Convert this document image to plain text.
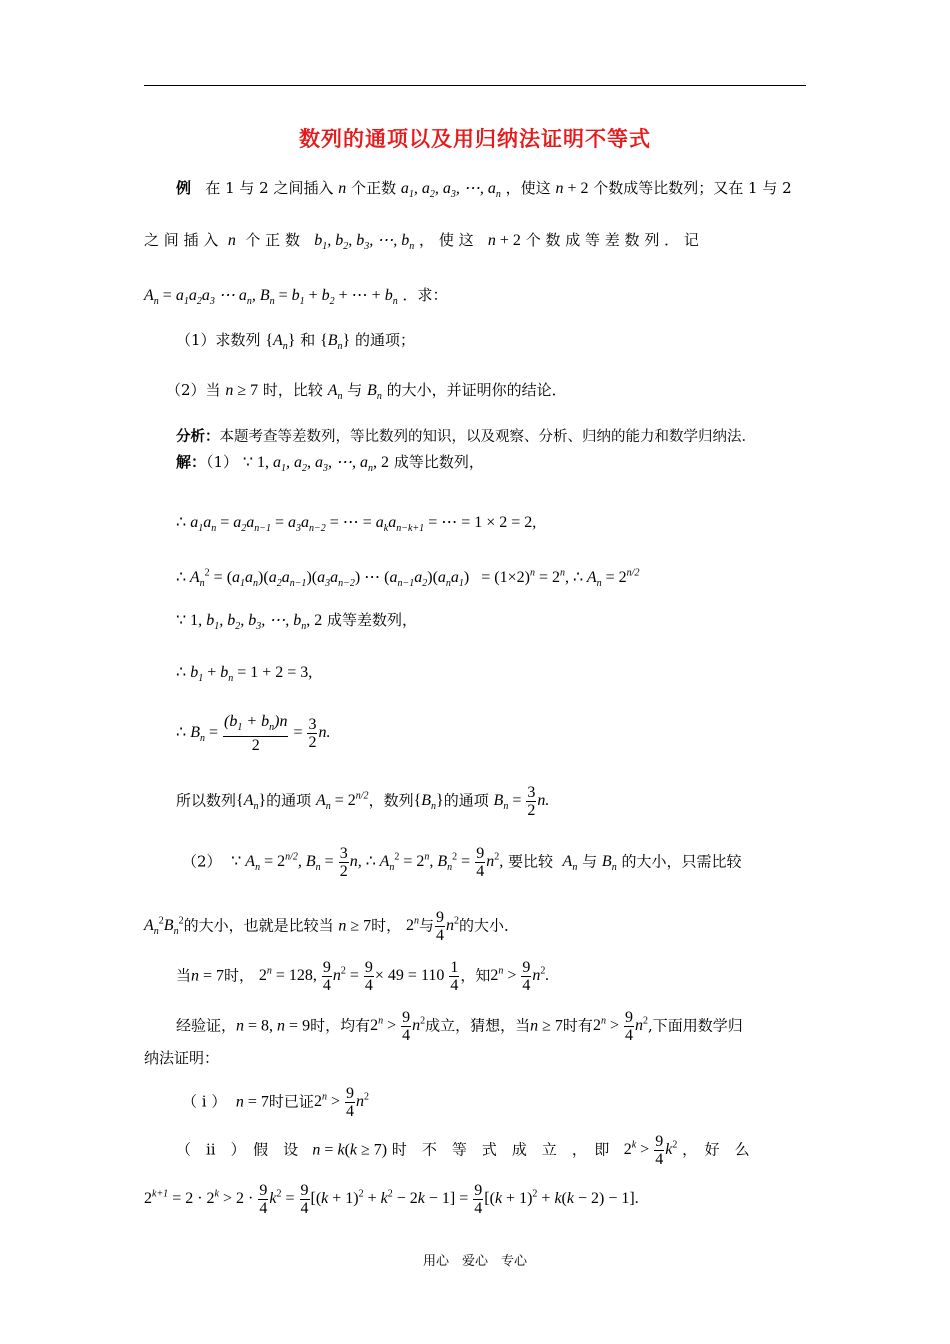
数列的通项以及用归纳法证明不等式
例 在 1 与 2 之间插入 n 个正数 $a_1$, $a_2$, $a_3$, ⋯, $a_n$ ，使这 n + 2 个数成等比数列；又在 1 与 2
之 间 插 入 n 个 正 数 $b_1$, $b_2$, $b_3$, ⋯, $b_n$ ， 使 这 n + 2 个 数 成 等 差 数 列 ． 记
$A_n = a_1a_2a_3$ ⋯ $a_n$, $B_n = b_1 + b_2$ + ⋯ + $b_n$ ．求：
（1）求数列 $\{A_n\}$ 和 $\{B_n\}$ 的通项；
（2）当 n ≥ 7 时，比较 $A_n$ 与 $B_n$ 的大小，并证明你的结论．
分析：本题考查等差数列，等比数列的知识，以及观察、分析、归纳的能力和数学归纳法．
解：（1） ∵ 1, $a_1$, $a_2$, $a_3$, ⋯, $a_n$, 2 成等比数列，
∴ $a_1a_n = a_2a_{n-1} = a_3a_{n-2}$ = ⋯ = $a_ka_{n-k+1}$ = ⋯ = 1 × 2 = 2,
∴ $A_n^2 = (a_1a_n)(a_2a_{n-1})(a_3a_{n-2})$ ⋯ $(a_{n-1}a_2)(a_na_1) = (1\times 2)^n = 2^n$, ∴ $A_n = 2^{n/2}$
∵ 1, $b_1$, $b_2$, $b_3$, ⋯, $b_n$, 2 成等差数列，
∴ $b_1 + b_n = 1 + 2 = 3$,
∴ $B_n = \frac{(b_1 + b_n)n}{2} = \frac{3}{2} n$.
所以数列$\{A_n\}$的通项 $A_n = 2^{n/2}$，数列$\{B_n\}$的通项 $B_n = \frac{3}{2} n$.
（2） ∵ $A_n = 2^{n/2}$, $B_n = \frac{3}{2} n$, ∴ $A_n^2 = 2^n$, $B_n^2 = \frac{9}{4} n^2$, 要比较 $A_n$ 与 $B_n$ 的大小，只需比较
$A_n^2B_n^2$的大小，也就是比较当 n ≥ 7时， 2$^n$与 $\frac{9}{4} n^2$的大小．
当n = 7时， $2^n = 128$, $\frac{9}{4} n^2 = \frac{9}{4} \times 49 = 110 \frac{1}{4}$ ，知$2^n > \frac{9}{4} n^2$.
经验证，n = 8, n = 9时，均有$2^n > \frac{9}{4} n^2$成立，猜想，当n ≥ 7时有$2^n > \frac{9}{4} n^2$,下面用数学归
纳法证明：
（ i ） n = 7时已证$2^n > \frac{9}{4} n^2$
（　ii　）　假　设 n = k(k ≥ 7) 时　不　等　式　成　立　，　即 $2^k > \frac{9}{4} k^2$ ，　好　么
$2^{k+1} = 2 \cdot 2^k > 2 \cdot \frac{9}{4} k^2 = \frac{9}{4} [(k + 1)^2 + k^2 - 2k - 1] = \frac{9}{4} [(k + 1)^2 + k(k - 2) - 1]$.
用心　爱心　专心
